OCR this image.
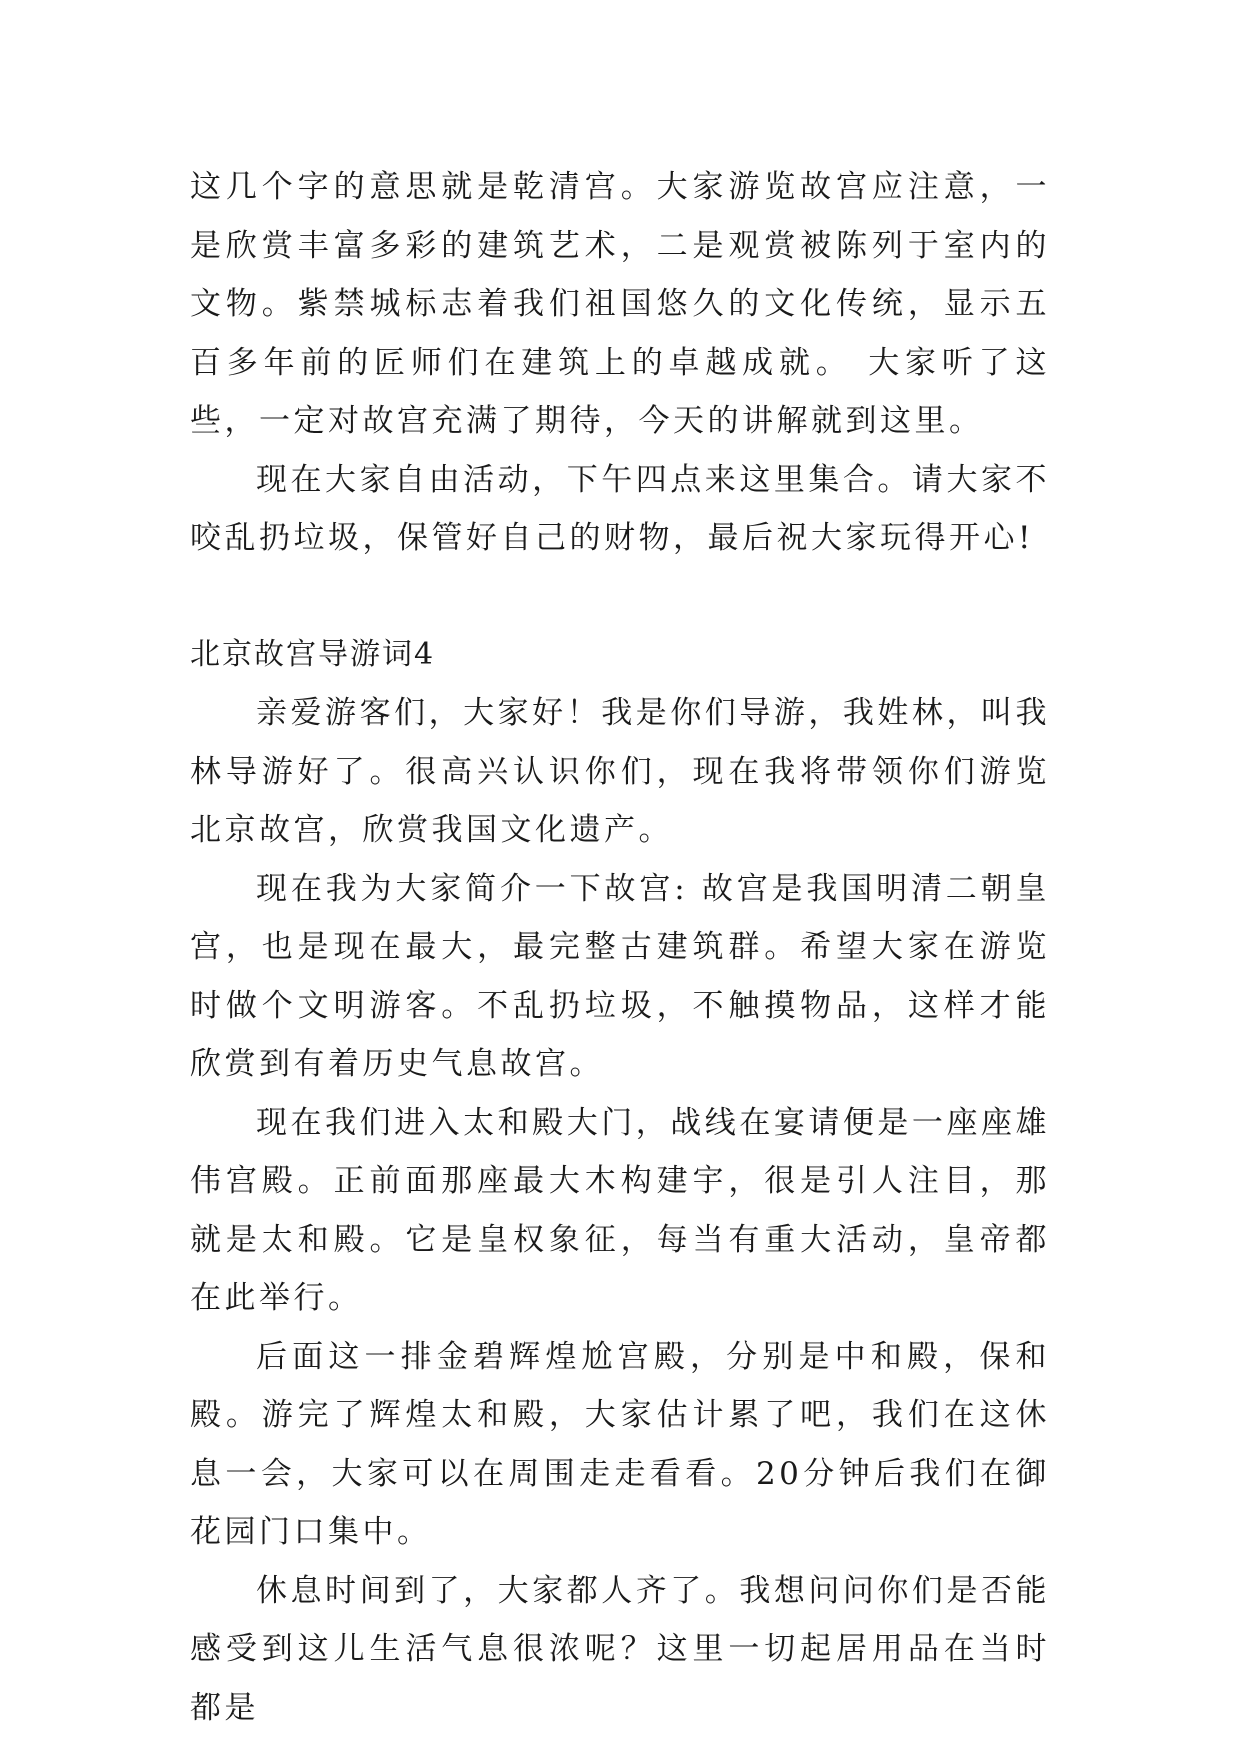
这几个字的意思就是乾清宫。大家游览故宫应注意，一是欣赏丰富多彩的建筑艺术，二是观赏被陈列于室内的文物。紫禁城标志着我们祖国悠久的文化传统，显示五百多年前的匠师们在建筑上的卓越成就。 大家听了这些，一定对故宫充满了期待，今天的讲解就到这里。

现在大家自由活动，下午四点来这里集合。请大家不咬乱扔垃圾，保管好自己的财物，最后祝大家玩得开心!

北京故宫导游词4

亲爱游客们，大家好！我是你们导游，我姓林，叫我林导游好了。很高兴认识你们，现在我将带领你们游览北京故宫，欣赏我国文化遗产。

现在我为大家简介一下故宫: 故宫是我国明清二朝皇宫，也是现在最大，最完整古建筑群。希望大家在游览时做个文明游客。不乱扔垃圾，不触摸物品，这样才能欣赏到有着历史气息故宫。

现在我们进入太和殿大门，战线在宴请便是一座座雄伟宫殿。正前面那座最大木构建宇，很是引人注目，那就是太和殿。它是皇权象征，每当有重大活动，皇帝都在此举行。

后面这一排金碧辉煌尬宫殿，分别是中和殿，保和殿。游完了辉煌太和殿，大家估计累了吧，我们在这休息一会，大家可以在周围走走看看。20分钟后我们在御花园门口集中。

休息时间到了，大家都人齐了。我想问问你们是否能感受到这儿生活气息很浓呢？这里一切起居用品在当时都是
